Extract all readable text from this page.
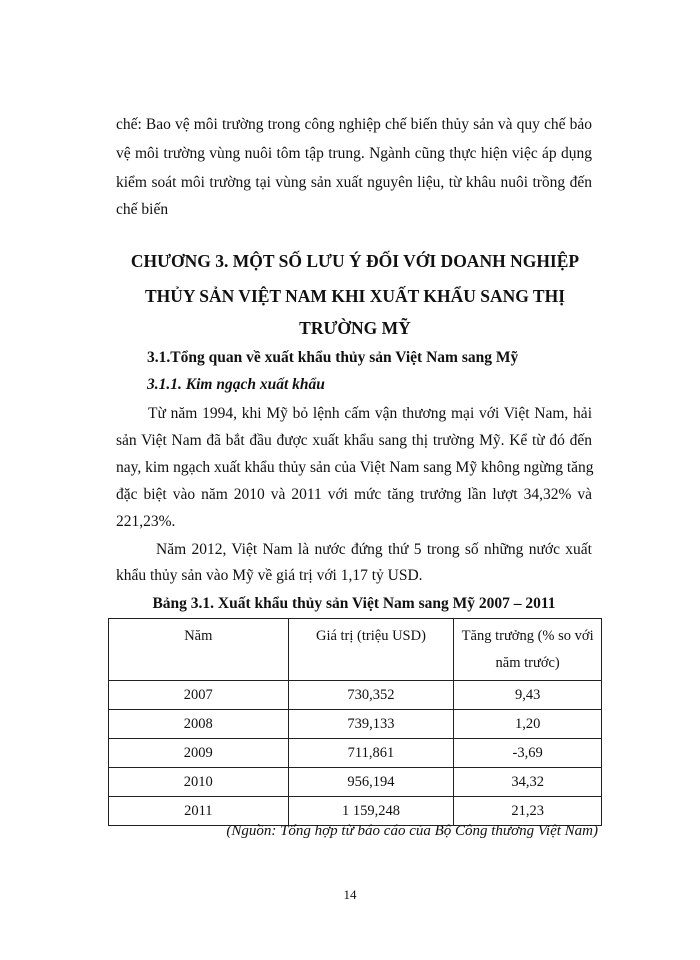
chế: Bao vệ môi trường trong công nghiệp chế biến thủy sản và quy chế bảo
vệ môi trường vùng nuôi tôm tập trung. Ngành cũng thực hiện việc áp dụng
kiểm soát môi trường tại vùng sản xuất nguyên liệu, từ khâu nuôi trồng đến
chế biến
CHƯƠNG 3. MỘT SỐ LƯU Ý ĐỐI VỚI DOANH NGHIỆP
THỦY SẢN VIỆT NAM KHI XUẤT KHẨU SANG THỊ
TRƯỜNG MỸ
3.1.Tổng quan về xuất khẩu thủy sản Việt Nam sang Mỹ
3.1.1. Kim ngạch xuất khẩu
Từ năm 1994, khi Mỹ bỏ lệnh cấm vận thương mại với Việt Nam, hải
sản Việt Nam đã bắt đầu được xuất khẩu sang thị trường Mỹ. Kể từ đó đến
nay, kim ngạch xuất khẩu thủy sản của Việt Nam sang Mỹ không ngừng tăng
đặc biệt vào năm 2010 và 2011 với mức tăng trưởng lần lượt 34,32% và
221,23%.
Năm 2012, Việt Nam là nước đứng thứ 5 trong số những nước xuất
khẩu thủy sản vào Mỹ về giá trị với 1,17 tỷ USD.
Bảng 3.1. Xuất khẩu thủy sản Việt Nam sang Mỹ 2007 – 2011
Năm	Giá trị (triệu USD)	Tăng trưởng (% so với
năm trước)
2007	730,352	9,43
2008	739,133	1,20
2009	711,861	-3,69
2010	956,194	34,32
2011	1 159,248	21,23
(Nguồn: Tổng hợp từ báo cáo của Bộ Công thương Việt Nam)
14
